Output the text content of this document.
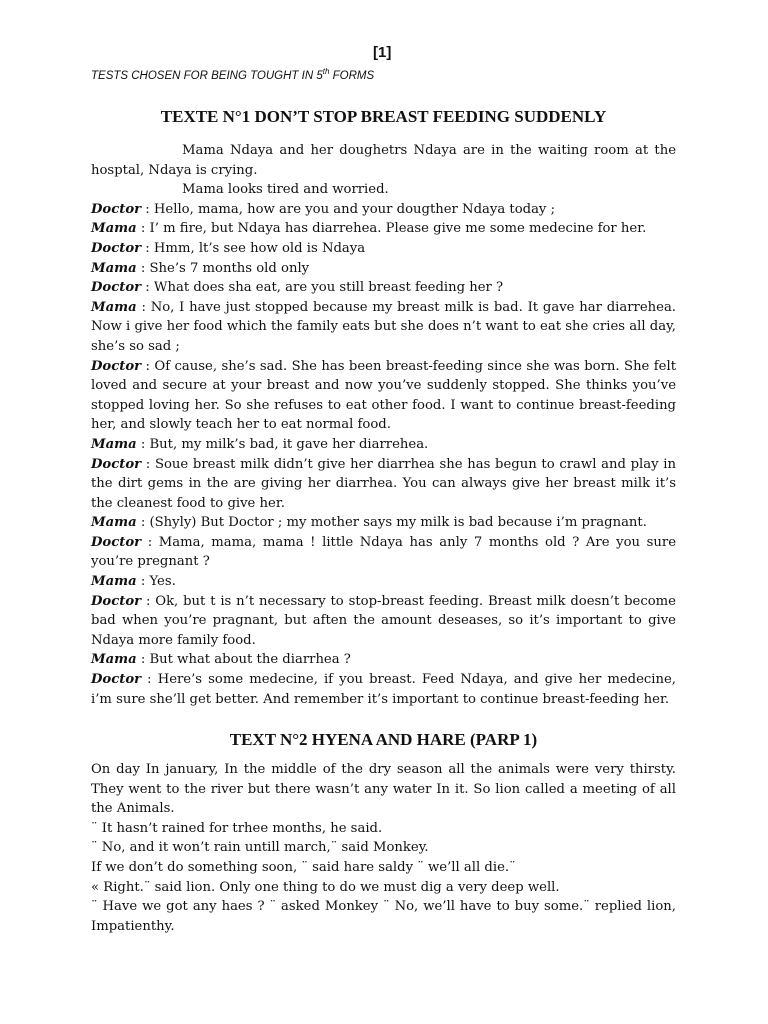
[1]
TESTS CHOSEN FOR BEING TOUGHT IN 5th FORMS
TEXTE N°1 DON’T STOP BREAST FEEDING SUDDENLY

Mama Ndaya and her doughetrs Ndaya are in the waiting room at the hosptal, Ndaya is crying.

Mama looks tired and worried.

Doctor : Hello, mama, how are you and your dougther Ndaya today ;

Mama : I’ m fire, but Ndaya has diarrehea. Please give me some medecine for her.

Doctor : Hmm, lt’s see how old is Ndaya

Mama : She’s 7 months old only

Doctor : What does sha eat, are you still breast feeding her ?

Mama : No, I have just stopped because my breast milk is bad. It gave har diarrehea. Now i give her food which the family eats but she does n’t want to eat she cries all day, she’s so sad ;

Doctor : Of cause, she’s sad. She has been breast-feeding since she was born. She felt loved and secure at your breast and now you’ve suddenly stopped. She thinks you’ve stopped loving her. So she refuses to eat other food. I want to continue breast-feeding her, and slowly teach her to eat normal food.

Mama : But, my milk’s bad, it gave her diarrehea.

Doctor : Soue breast milk didn’t give her diarrhea she has begun to crawl and play in the dirt gems in the are giving her diarrhea. You can always give her breast milk it’s the cleanest food to give her.

Mama : (Shyly) But Doctor ; my mother says my milk is bad because i’m pragnant.

Doctor : Mama, mama, mama ! little Ndaya has anly 7 months old ? Are you sure you’re pregnant ?

Mama : Yes.

Doctor : Ok, but t is n’t necessary to stop-breast feeding. Breast milk doesn’t become bad when you’re pragnant, but aften the amount deseases, so it’s important to give Ndaya more family food.

Mama : But what about the diarrhea ?

Doctor : Here’s some medecine, if you breast. Feed Ndaya, and give her medecine, i’m sure she’ll get better. And remember it’s important to continue breast-feeding her.

TEXT N°2 HYENA AND HARE (PARP 1)

On day In january, In the middle of the dry season all the animals were very thirsty. They went to the river but there wasn’t any water In it. So lion called a meeting of all the Animals.

¨ It hasn’t rained for trhee months, he said.

¨ No, and it won’t rain untill march,¨ said Monkey.

If we don’t do something soon, ¨ said hare saldy ¨ we’ll all die.¨

« Right.¨ said lion. Only one thing to do we must dig a very deep well.

¨ Have we got any haes ? ¨ asked Monkey ¨ No, we’ll have to buy some.¨ replied lion, Impatienthy.
